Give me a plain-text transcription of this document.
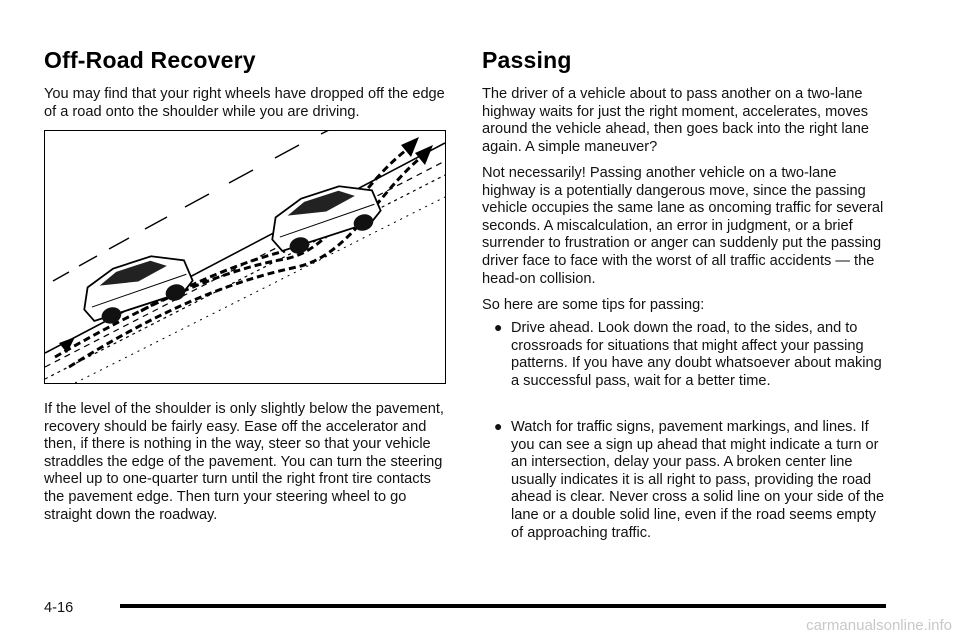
Off-Road Recovery

You may find that your right wheels have dropped off the edge of a road onto the shoulder while you are driving.

If the level of the shoulder is only slightly below the pavement, recovery should be fairly easy. Ease off the accelerator and then, if there is nothing in the way, steer so that your vehicle straddles the edge of the pavement. You can turn the steering wheel up to one-quarter turn until the right front tire contacts the pavement edge. Then turn your steering wheel to go straight down the roadway.

Passing

The driver of a vehicle about to pass another on a two-lane highway waits for just the right moment, accelerates, moves around the vehicle ahead, then goes back into the right lane again. A simple maneuver?

Not necessarily! Passing another vehicle on a two-lane highway is a potentially dangerous move, since the passing vehicle occupies the same lane as oncoming traffic for several seconds. A miscalculation, an error in judgment, or a brief surrender to frustration or anger can suddenly put the passing driver face to face with the worst of all traffic accidents — the head-on collision.

So here are some tips for passing:

● Drive ahead. Look down the road, to the sides, and to crossroads for situations that might affect your passing patterns. If you have any doubt whatsoever about making a successful pass, wait for a better time.
● Watch for traffic signs, pavement markings, and lines. If you can see a sign up ahead that might indicate a turn or an intersection, delay your pass. A broken center line usually indicates it is all right to pass, providing the road ahead is clear. Never cross a solid line on your side of the lane or a double solid line, even if the road seems empty of approaching traffic.
4-16
carmanualsonline.info
